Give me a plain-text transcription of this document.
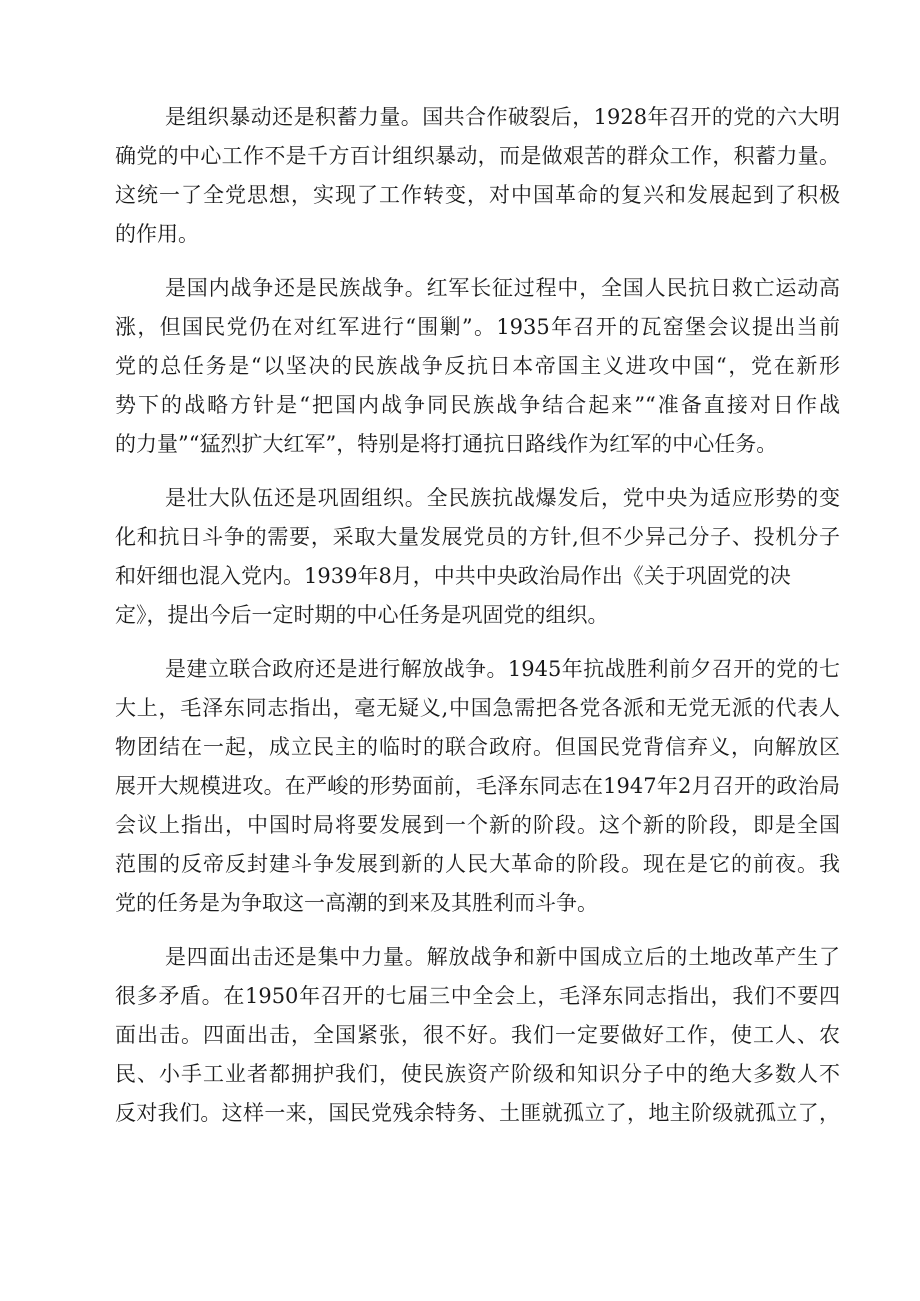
是组织暴动还是积蓄力量。国共合作破裂后，1928年召开的党的六大明
确党的中心工作不是千方百计组织暴动，而是做艰苦的群众工作，积蓄力量。
这统一了全党思想，实现了工作转变，对中国革命的复兴和发展起到了积极
的作用。
是国内战争还是民族战争。红军长征过程中，全国人民抗日救亡运动高
涨，但国民党仍在对红军进行“围剿”。1935年召开的瓦窑堡会议提出当前
党的总任务是“以坚决的民族战争反抗日本帝国主义进攻中国“，党在新形
势下的战略方针是“把国内战争同民族战争结合起来”“准备直接对日作战
的力量”“猛烈扩大红军”，特别是将打通抗日路线作为红军的中心任务。
是壮大队伍还是巩固组织。全民族抗战爆发后，党中央为适应形势的变
化和抗日斗争的需要，采取大量发展党员的方针,但不少异己分子、投机分子
和奸细也混入党内。1939年8月，中共中央政治局作出《关于巩固党的决
定》，提出今后一定时期的中心任务是巩固党的组织。
是建立联合政府还是进行解放战争。1945年抗战胜利前夕召开的党的七
大上，毛泽东同志指出，毫无疑义,中国急需把各党各派和无党无派的代表人
物团结在一起，成立民主的临时的联合政府。但国民党背信弃义，向解放区
展开大规模进攻。在严峻的形势面前，毛泽东同志在1947年2月召开的政治局
会议上指出，中国时局将要发展到一个新的阶段。这个新的阶段，即是全国
范围的反帝反封建斗争发展到新的人民大革命的阶段。现在是它的前夜。我
党的任务是为争取这一高潮的到来及其胜利而斗争。
是四面出击还是集中力量。解放战争和新中国成立后的土地改革产生了
很多矛盾。在1950年召开的七届三中全会上，毛泽东同志指出，我们不要四
面出击。四面出击，全国紧张，很不好。我们一定要做好工作，使工人、农
民、小手工业者都拥护我们，使民族资产阶级和知识分子中的绝大多数人不
反对我们。这样一来，国民党残余特务、土匪就孤立了，地主阶级就孤立了，
